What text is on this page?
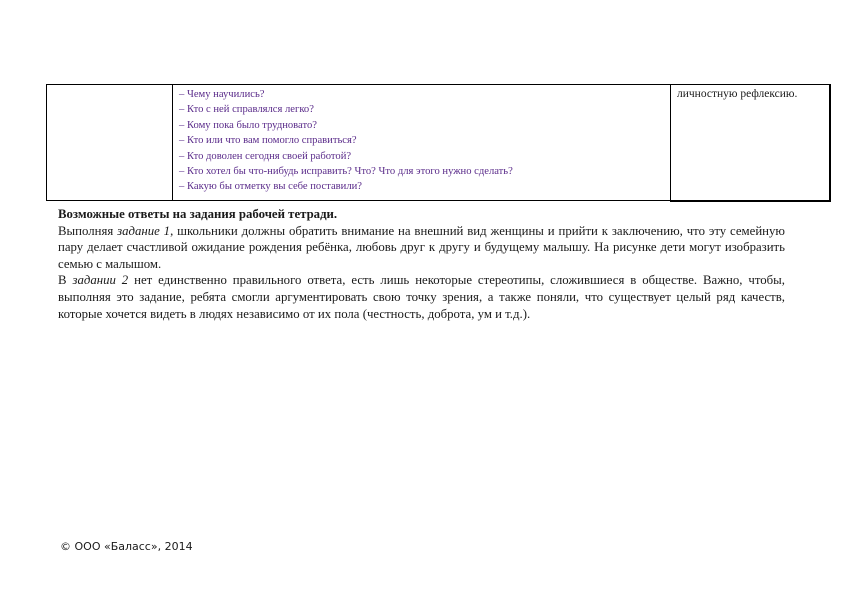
– Чему научились?
– Кто с ней справлялся легко?
– Кому пока было трудновато?
– Кто или что вам помогло справиться?
– Кто доволен сегодня своей работой?
– Кто хотел бы что-нибудь исправить? Что? Что для этого нужно сделать?
– Какую бы отметку вы себе поставили?

личностную рефлексию.
Возможные ответы на задания рабочей тетради.

Выполняя задание 1, школьники должны обратить внимание на внешний вид женщины и прийти к заключению, что эту семейную пару делает счастливой ожидание рождения ребёнка, любовь друг к другу и будущему малышу. На рисунке дети могут изобразить семью с малышом.

В задании 2 нет единственно правильного ответа, есть лишь некоторые стереотипы, сложившиеся в обществе. Важно, чтобы, выполняя это задание, ребята смогли аргументировать свою точку зрения, а также поняли, что существует целый ряд качеств, которые хочется видеть в людях независимо от их пола (честность, доброта, ум и т.д.).

© ООО «Баласс», 2014
